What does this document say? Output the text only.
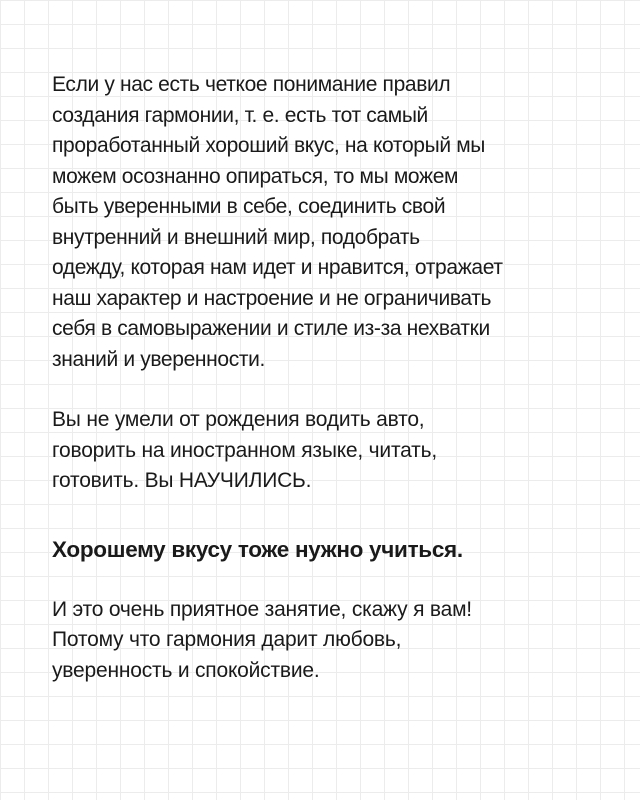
Если у нас есть четкое понимание правил
создания гармонии, т. е. есть тот самый
проработанный хороший вкус, на который мы
можем осознанно опираться, то мы можем
быть уверенными в себе, соединить свой
внутренний и внешний мир, подобрать
одежду, которая нам идет и нравится, отражает
наш характер и настроение и не ограничивать
себя в самовыражении и стиле из-за нехватки
знаний и уверенности.

Вы не умели от рождения водить авто,
говорить на иностранном языке, читать,
готовить. Вы НАУЧИЛИСЬ.

Хорошему вкусу тоже нужно учиться.

И это очень приятное занятие, скажу я вам!
Потому что гармония дарит любовь,
уверенность и спокойствие.
